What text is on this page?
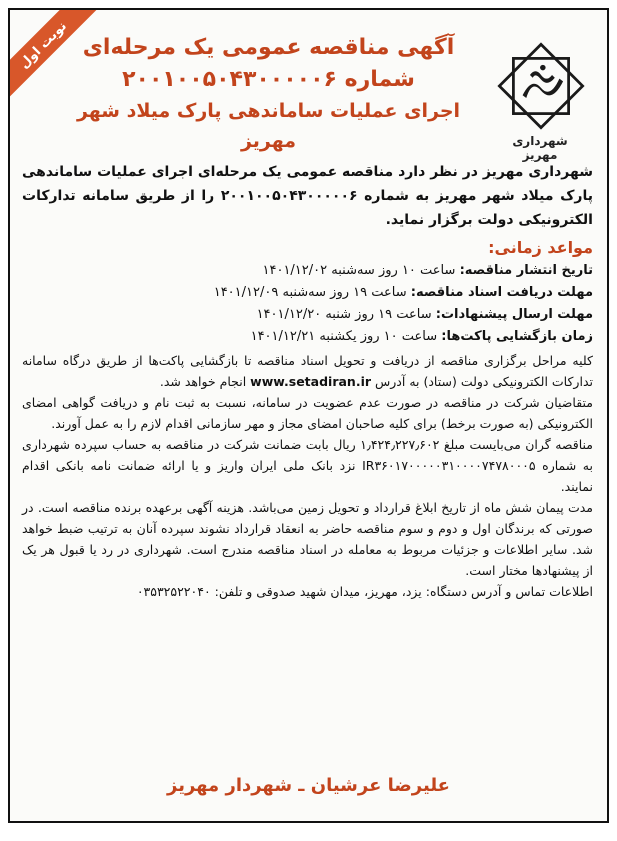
نوبت اول
شهرداری مهریز
آگهی مناقصه عمومی یک مرحله‌ای
شماره ۲۰۰۱۰۰۵۰۴۳۰۰۰۰۰۶
اجرای عملیات ساماندهی پارک میلاد شهر مهریز

شهرداری مهریز در نظر دارد مناقصه عمومی یک مرحله‌ای اجرای عملیات ساماندهی پارک میلاد شهر مهریز به شماره ۲۰۰۱۰۰۵۰۴۳۰۰۰۰۰۶ را از طریق سامانه تدارکات الکترونیکی دولت برگزار نماید.

مواعد زمانی:

تاریخ انتشار مناقصه: ساعت ۱۰ روز سه‌شنبه ۱۴۰۱/۱۲/۰۲
مهلت دریافت اسناد مناقصه: ساعت ۱۹ روز سه‌شنبه ۱۴۰۱/۱۲/۰۹
مهلت ارسال پیشنهادات: ساعت ۱۹ روز شنبه ۱۴۰۱/۱۲/۲۰
زمان بازگشایی پاکت‌ها: ساعت ۱۰ روز یکشنبه ۱۴۰۱/۱۲/۲۱

کلیه مراحل برگزاری مناقصه از دریافت و تحویل اسناد مناقصه تا بازگشایی پاکت‌ها از طریق درگاه سامانه تدارکات الکترونیکی دولت (ستاد) به آدرس www.setadiran.ir انجام خواهد شد.

متقاضیان شرکت در مناقصه در صورت عدم عضویت در سامانه، نسبت به ثبت نام و دریافت گواهی امضای الکترونیکی (به صورت برخط) برای کلیه صاحبان امضای مجاز و مهر سازمانی اقدام لازم را به عمل آورند.

مناقصه گران می‌بایست مبلغ ۱٫۴۲۴٫۲۲۷٫۶۰۲ ریال بابت ضمانت شرکت در مناقصه به حساب سپرده شهرداری به شماره IR۳۶۰۱۷۰۰۰۰۰۳۱۰۰۰۰۷۴۷۸۰۰۰۵ نزد بانک ملی ایران واریز و یا ارائه ضمانت نامه بانکی اقدام نمایند.

مدت پیمان شش ماه از تاریخ ابلاغ قرارداد و تحویل زمین می‌باشد. هزینه آگهی برعهده برنده مناقصه است. در صورتی که برندگان اول و دوم و سوم مناقصه حاضر به انعقاد قرارداد نشوند سپرده آنان به ترتیب ضبط خواهد شد. سایر اطلاعات و جزئیات مربوط به معامله در اسناد مناقصه مندرج است. شهرداری در رد یا قبول هر یک از پیشنهادها مختار است.

اطلاعات تماس و آدرس دستگاه: یزد، مهریز، میدان شهید صدوقی و تلفن: ۰۳۵۳۲۵۲۲۰۴۰

علیرضا عرشیان ـ شهردار مهریز
